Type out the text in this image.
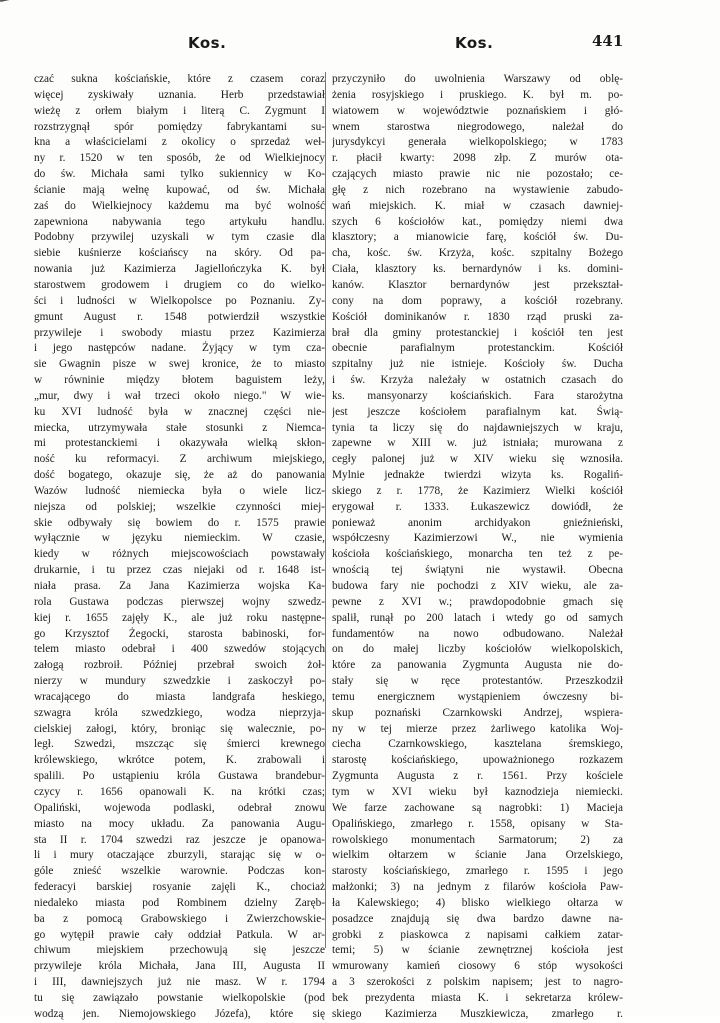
Kos.	Kos.	441
czać sukna kościańskie, które z czasem coraz
więcej zyskiwały uznania. Herb przedstawiał
wieżę z orłem białym i literą C. Zygmunt I
rozstrzygnął spór pomiędzy fabrykantami su-
kna a właścicielami z okolicy o sprzedaż weł-
ny r. 1520 w ten sposób, że od Wielkiejnocy
do św. Michała sami tylko sukiennicy w Ko-
ścianie mają wełnę kupować, od św. Michała
zaś do Wielkiejnocy każdemu ma być wolność
zapewniona nabywania tego artykułu handlu.
Podobny przywilej uzyskali w tym czasie dla
siebie kuśnierze kościańscy na skóry. Od pa-
nowania już Kazimierza Jagiellończyka K. był
starostwem grodowem i drugiem co do wielko-
ści i ludności w Wielkopolsce po Poznaniu. Zy-
gmunt August r. 1548 potwierdził wszystkie
przywileje i swobody miastu przez Kazimierza
i jego następców nadane. Żyjący w tym cza-
sie Gwagnin pisze w swej kronice, że to miasto
w równinie między błotem baguistem leży,
„mur, dwy i wał trzeci około niego." W wie-
ku XVI ludność była w znacznej części nie-
miecka, utrzymywała stałe stosunki z Niemca-
mi protestanckiemi i okazywała wielką skłon-
ność ku reformacyi. Z archiwum miejskiego,
dość bogatego, okazuje się, że aż do panowania
Wazów ludność niemiecka była o wiele licz-
niejsza od polskiej; wszelkie czynności miej-
skie odbywały się bowiem do r. 1575 prawie
wyłącznie w języku niemieckim. W czasie,
kiedy w różnych miejscowościach powstawały
drukarnie, i tu przez czas niejaki od r. 1648 ist-
niała prasa. Za Jana Kazimierza wojska Ka-
rola Gustawa podczas pierwszej wojny szwedz-
kiej r. 1655 zajęły K., ale już roku następne-
go Krzysztof Żegocki, starosta babinoski, for-
telem miasto odebrał i 400 szwedów stojących
załogą rozbroił. Później przebrał swoich żoł-
nierzy w mundury szwedzkie i zaskoczył po-
wracającego do miasta landgrafa heskiego,
szwagra króla szwedzkiego, wodza nieprzyja-
cielskiej załogi, który, broniąc się walecznie, po-
legł. Szwedzi, mszcząc się śmierci krewnego
królewskiego, wkrótce potem, K. zrabowali i
spalili. Po ustąpieniu króla Gustawa brandebur-
czycy r. 1656 opanowali K. na krótki czas;
Opaliński, wojewoda podlaski, odebrał znowu
miasto na mocy układu. Za panowania Augu-
sta II r. 1704 szwedzi raz jeszcze je opanowa-
li i mury otaczające zburzyli, starając się w o-
góle znieść wszelkie warownie. Podczas kon-
federacyi barskiej rosyanie zajęli K., chociaż
niedaleko miasta pod Rombinem dzielny Zaręb-
ba z pomocą Grabowskiego i Zwierzchowskie-
go wytępił prawie cały oddział Patkula. W ar-
chiwum miejskiem przechowują się jeszcze
przywileje króla Michała, Jana III, Augusta II
i III, dawniejszych już nie masz. W r. 1794
tu się zawiązało powstanie wielkopolskie (pod
wodzą jen. Niemojowskiego Józefa), które się
przyczyniło do uwolnienia Warszawy od oblę-
żenia rosyjskiego i pruskiego. K. był m. po-
wiatowem w województwie poznańskiem i głó-
wnem starostwa niegrodowego, należał do
jurysdykcyi generała wielkopolskiego; w 1783
r. płacił kwarty: 2098 złp. Z murów ota-
czających miasto prawie nic nie pozostało; ce-
głę z nich rozebrano na wystawienie zabudo-
wań miejskich. K. miał w czasach dawniej-
szych 6 kościołów kat., pomiędzy niemi dwa
klasztory; a mianowicie farę, kościół św. Du-
cha, kośc. św. Krzyża, kośc. szpitalny Bożego
Ciała, klasztory ks. bernardynów i ks. domini-
kanów. Klasztor bernardynów jest przekształ-
cony na dom poprawy, a kościół rozebrany.
Kościół dominikanów r. 1830 rząd pruski za-
brał dla gminy protestanckiej i kościół ten jest
obecnie parafialnym protestanckim. Kościół
szpitalny już nie istnieje. Kościoły św. Ducha
i św. Krzyża należały w ostatnich czasach do
ks. mansyonarzy kościańskich. Fara starożytna
jest jeszcze kościołem parafialnym kat. Świą-
tynia ta liczy się do najdawniejszych w kraju,
zapewne w XIII w. już istniała; murowana z
cegły palonej już w XIV wieku się wznosiła.
Mylnie jednakże twierdzi wizyta ks. Rogaliń-
skiego z r. 1778, że Kazimierz Wielki kościół
erygował r. 1333. Łukaszewicz dowiódł, że
ponieważ anonim archidyakon gnieźnieński,
współczesny Kazimierzowi W., nie wymienia
kościoła kościańskiego, monarcha ten też z pe-
wnością tej świątyni nie wystawił. Obecna
budowa fary nie pochodzi z XIV wieku, ale za-
pewne z XVI w.; prawdopodobnie gmach się
spalił, runął po 200 latach i wtedy go od samych
fundamentów na nowo odbudowano. Należał
on do małej liczby kościołów wielkopolskich,
które za panowania Zygmunta Augusta nie do-
stały się w ręce protestantów. Przeszkodził
temu energicznem wystąpieniem ówczesny bi-
skup poznański Czarnkowski Andrzej, wspiera-
ny w tej mierze przez żarliwego katolika Woj-
ciecha Czarnkowskiego, kasztelana śremskiego,
starostę kościańskiego, upoważnionego rozkazem
Zygmunta Augusta z r. 1561. Przy kościele
tym w XVI wieku był kaznodzieja niemiecki.
We farze zachowane są nagrobki: 1) Macieja
Opalińskiego, zmarłego r. 1558, opisany w Sta-
rowolskiego monumentach Sarmatorum; 2) za
wielkim ołtarzem w ścianie Jana Orzelskiego,
starosty kościańskiego, zmarłego r. 1595 i jego
małżonki; 3) na jednym z filarów kościoła Paw-
ła Kalewskiego; 4) blisko wielkiego ołtarza w
posadzce znajdują się dwa bardzo dawne na-
grobki z piaskowca z napisami całkiem zatar-
temi; 5) w ścianie zewnętrznej kościoła jest
wmurowany kamień ciosowy 6 stóp wysokości
a 3 szerokości z polskim napisem; jest to nagro-
bek prezydenta miasta K. i sekretarza królew-
skiego Kazimierza Muszkiewicza, zmarłego r.
